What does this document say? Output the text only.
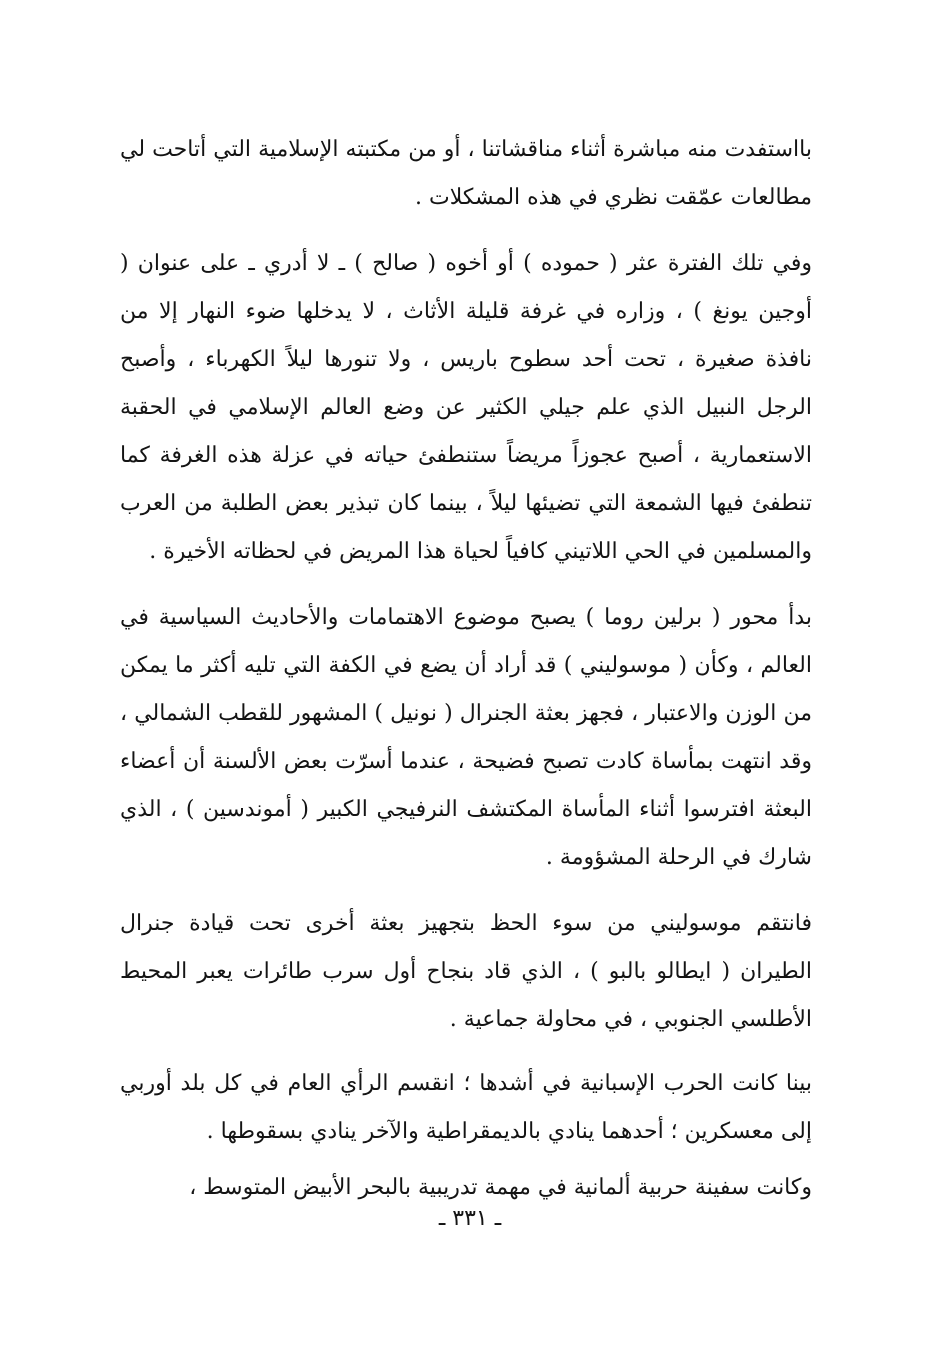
بااستفدت منه مباشرة أثناء مناقشاتنا ، أو من مكتبته الإسلامية التي أتاحت لي مطالعات عمّقت نظري في هذه المشكلات .

وفي تلك الفترة عثر ( حموده ) أو أخوه ( صالح ) ـ لا أدري ـ على عنوان ( أوجين يونغ ) ، وزاره في غرفة قليلة الأثاث ، لا يدخلها ضوء النهار إلا من نافذة صغيرة ، تحت أحد سطوح باريس ، ولا تنورها ليلاً الكهرباء ، وأصبح الرجل النبيل الذي علم جيلي الكثير عن وضع العالم الإسلامي في الحقبة الاستعمارية ، أصبح عجوزاً مريضاً ستنطفئ حياته في عزلة هذه الغرفة كما تنطفئ فيها الشمعة التي تضيئها ليلاً ، بينما كان تبذير بعض الطلبة من العرب والمسلمين في الحي اللاتيني كافياً لحياة هذا المريض في لحظاته الأخيرة .

بدأ محور ( برلين روما ) يصبح موضوع الاهتمامات والأحاديث السياسية في العالم ، وكأن ( موسوليني ) قد أراد أن يضع في الكفة التي تليه أكثر ما يمكن من الوزن والاعتبار ، فجهز بعثة الجنرال ( نونيل ) المشهور للقطب الشمالي ، وقد انتهت بمأساة كادت تصبح فضيحة ، عندما أسرّت بعض الألسنة أن أعضاء البعثة افترسوا أثناء المأساة المكتشف النرفيجي الكبير ( أموندسين ) ، الذي شارك في الرحلة المشؤومة .

فانتقم موسوليني من سوء الحظ بتجهيز بعثة أخرى تحت قيادة جنرال الطيران ( ايطالو بالبو ) ، الذي قاد بنجاح أول سرب طائرات يعبر المحيط الأطلسي الجنوبي ، في محاولة جماعية .

بينا كانت الحرب الإسبانية في أشدها ؛ انقسم الرأي العام في كل بلد أوربي إلى معسكرين ؛ أحدهما ينادي بالديمقراطية والآخر ينادي بسقوطها .

وكانت سفينة حربية ألمانية في مهمة تدريبية بالبحر الأبيض المتوسط ،

ـ ٣٣١ ـ
